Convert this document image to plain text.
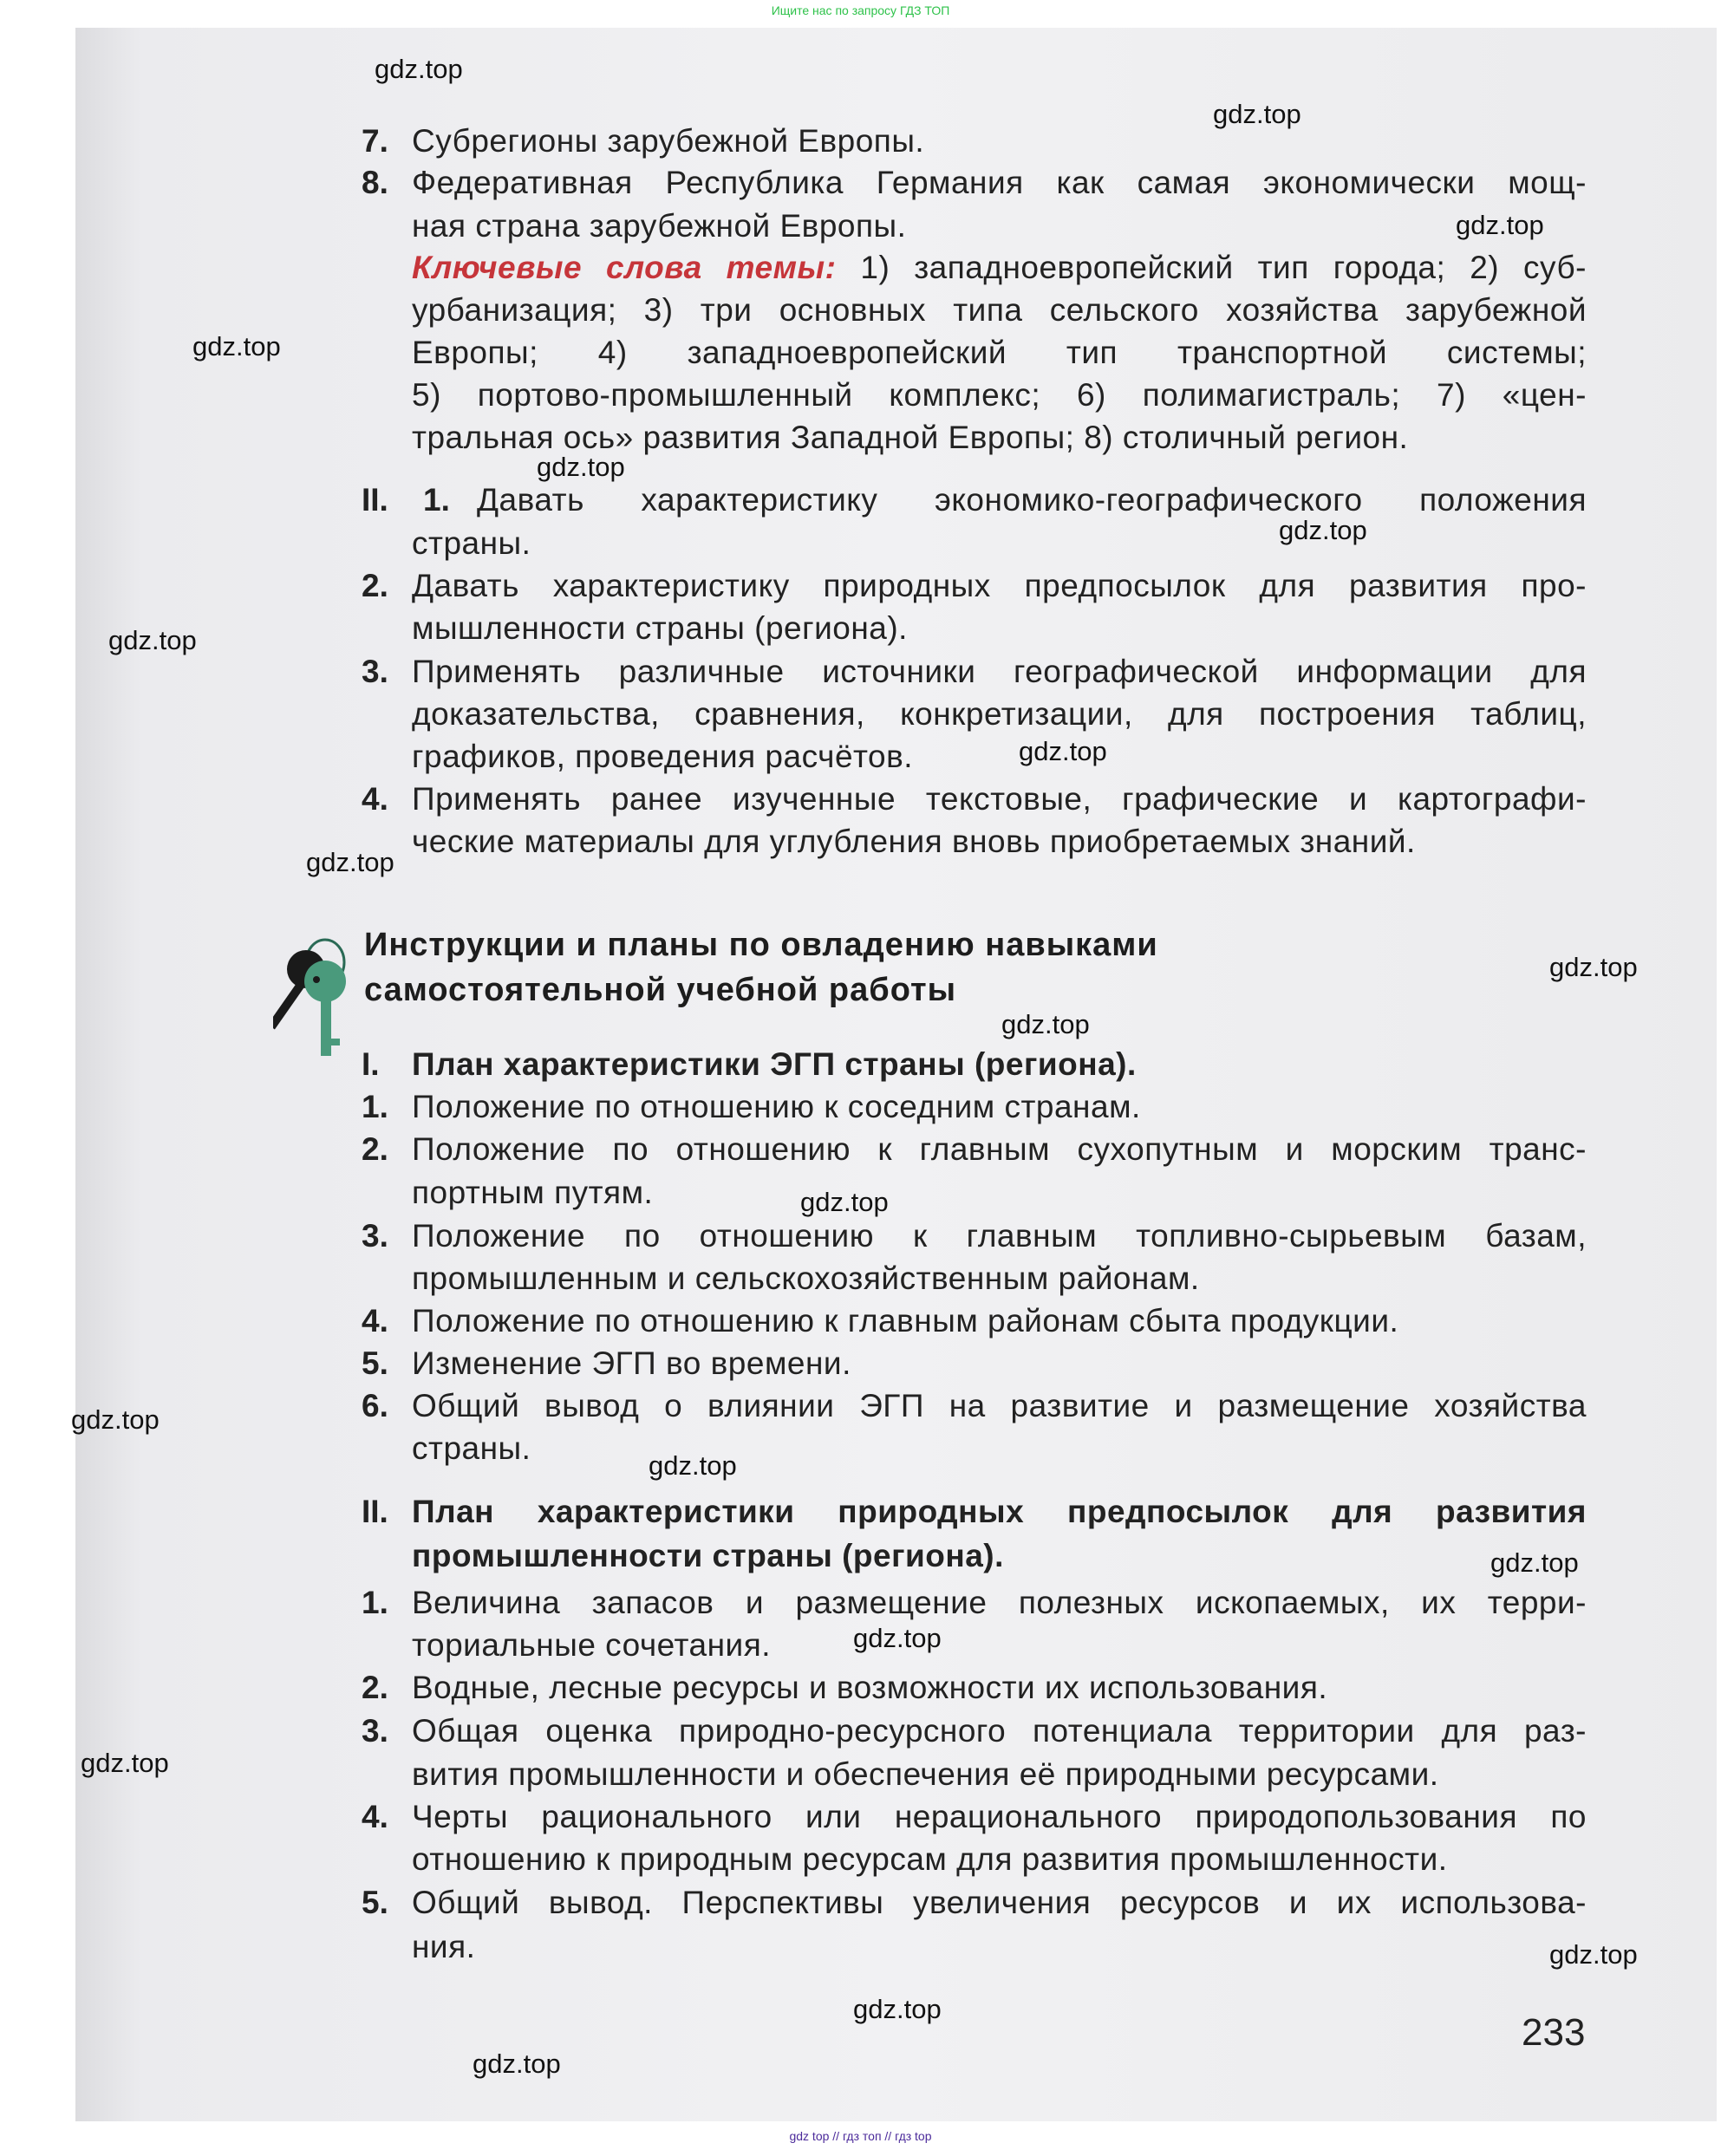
Ищите нас по запросу ГДЗ ТОП
Инструкции и планы по овладению навыками
самостоятельной учебной работы
233
7. Субрегионы зарубежной Европы.
8. Федеративная Республика Германия как самая экономически мощ-
ная страна зарубежной Европы.
Ключевые слова темы: 1) западноевропейский тип города; 2) суб-
урбанизация; 3) три основных типа сельского хозяйства зарубежной
Европы; 4) западноевропейский тип транспортной системы;
5) портово-промышленный комплекс; 6) полимагистраль; 7) «цен-
тральная ось» развития Западной Европы; 8) столичный регион.
II. 1. Давать характеристику экономико-географического положения
страны.
2. Давать характеристику природных предпосылок для развития про-
мышленности страны (региона).
3. Применять различные источники географической информации для
доказательства, сравнения, конкретизации, для построения таблиц,
графиков, проведения расчётов.
4. Применять ранее изученные текстовые, графические и картографи-
ческие материалы для углубления вновь приобретаемых знаний.
I. План характеристики ЭГП страны (региона).
1. Положение по отношению к соседним странам.
2. Положение по отношению к главным сухопутным и морским транс-
портным путям.
3. Положение по отношению к главным топливно-сырьевым базам,
промышленным и сельскохозяйственным районам.
4. Положение по отношению к главным районам сбыта продукции.
5. Изменение ЭГП во времени.
6. Общий вывод о влиянии ЭГП на развитие и размещение хозяйства
страны.
II. План характеристики природных предпосылок для развития
промышленности страны (региона).
1. Величина запасов и размещение полезных ископаемых, их терри-
ториальные сочетания.
2. Водные, лесные ресурсы и возможности их использования.
3. Общая оценка природно-ресурсного потенциала территории для раз-
вития промышленности и обеспечения её природными ресурсами.
4. Черты рационального или нерационального природопользования по
отношению к природным ресурсам для развития промышленности.
5. Общий вывод. Перспективы увеличения ресурсов и их использова-
ния.
gdz.top
gdz.top
gdz.top
gdz.top
gdz.top
gdz.top
gdz.top
gdz.top
gdz.top
gdz.top
gdz.top
gdz.top
gdz.top
gdz.top
gdz.top
gdz.top
gdz.top
gdz.top
gdz.top
gdz.top
gdz top // гдз топ // гдз top
